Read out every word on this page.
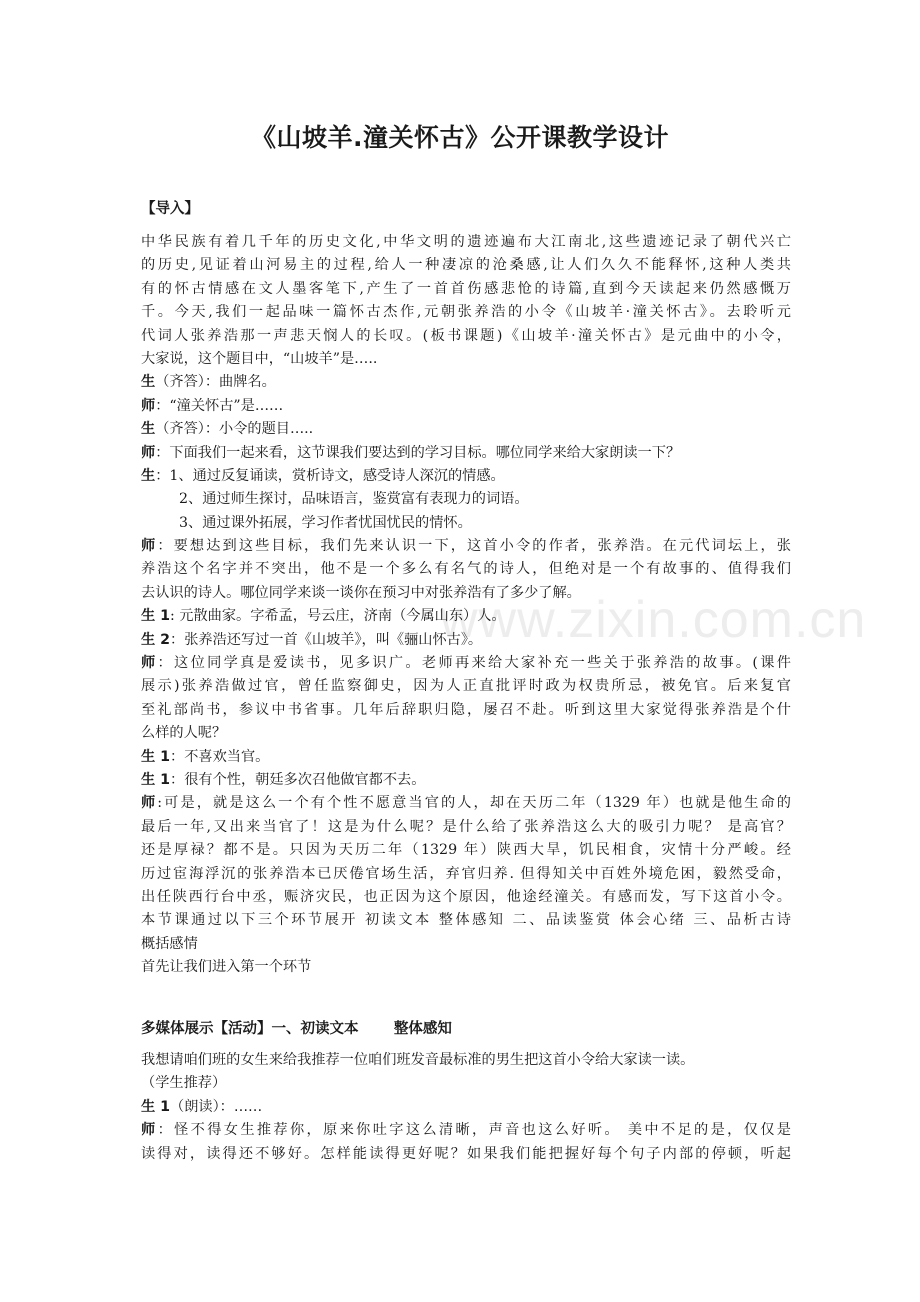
www.zixin.com.cn
《山坡羊.潼关怀古》公开课教学设计
【导入】
中华民族有着几千年的历史文化,中华文明的遗迹遍布大江南北,这些遗迹记录了朝代兴亡
的历史,见证着山河易主的过程,给人一种凄凉的沧桑感,让人们久久不能释怀,这种人类共
有的怀古情感在文人墨客笔下,产生了一首首伤感悲怆的诗篇,直到今天读起来仍然感慨万
千。今天,我们一起品味一篇怀古杰作,元朝张养浩的小令《山坡羊·潼关怀古》。去聆听元
代词人张养浩那一声悲天悯人的长叹。(板书课题)《山坡羊·潼关怀古》是元曲中的小令，
大家说，这个题目中，“山坡羊”是…..
生（齐答）：曲牌名。
师：“潼关怀古”是……
生（齐答）：小令的题目…..
师：下面我们一起来看，这节课我们要达到的学习目标。哪位同学来给大家朗读一下？
生：1、通过反复诵读，赏析诗文，感受诗人深沉的情感。
2、通过师生探讨，品味语言，鉴赏富有表现力的词语。
3、通过课外拓展，学习作者忧国忧民的情怀。
师：要想达到这些目标，我们先来认识一下，这首小令的作者，张养浩。在元代词坛上，张
养浩这个名字并不突出，他不是一个多么有名气的诗人，但绝对是一个有故事的、值得我们
去认识的诗人。哪位同学来谈一谈你在预习中对张养浩有了多少了解。
生 1: 元散曲家。字希孟，号云庄，济南（今属山东）人。
生 2：张养浩还写过一首《山坡羊》，叫《骊山怀古》。
师：这位同学真是爱读书，见多识广。老师再来给大家补充一些关于张养浩的故事。(课件
展示)张养浩做过官，曾任监察御史，因为人正直批评时政为权贵所忌，被免官。后来复官
至礼部尚书，参议中书省事。几年后辞职归隐，屡召不赴。听到这里大家觉得张养浩是个什
么样的人呢？
生 1：不喜欢当官。
生 1：很有个性，朝廷多次召他做官都不去。
师:可是，就是这么一个有个性不愿意当官的人，却在天历二年（1329 年）也就是他生命的
最后一年,又出来当官了！这是为什么呢？是什么给了张养浩这么大的吸引力呢？ 是高官？
还是厚禄？都不是。只因为天历二年（1329 年）陕西大旱，饥民相食，灾情十分严峻。经
历过宦海浮沉的张养浩本已厌倦官场生活，弃官归养. 但得知关中百姓外境危困，毅然受命，
出任陕西行台中丞，赈济灾民，也正因为这个原因，他途经潼关。有感而发，写下这首小令。
本节课通过以下三个环节展开 初读文本 整体感知 二、品读鉴赏 体会心绪 三、品析古诗
概括感情
首先让我们进入第一个环节
多媒体展示【活动】一、初读文本       整体感知
我想请咱们班的女生来给我推荐一位咱们班发音最标准的男生把这首小令给大家读一读。
（学生推荐）
生 1（朗读）：……
师：怪不得女生推荐你，原来你吐字这么清晰，声音也这么好听。 美中不足的是，仅仅是
读得对，读得还不够好。怎样能读得更好呢？如果我们能把握好每个句子内部的停顿，听起
